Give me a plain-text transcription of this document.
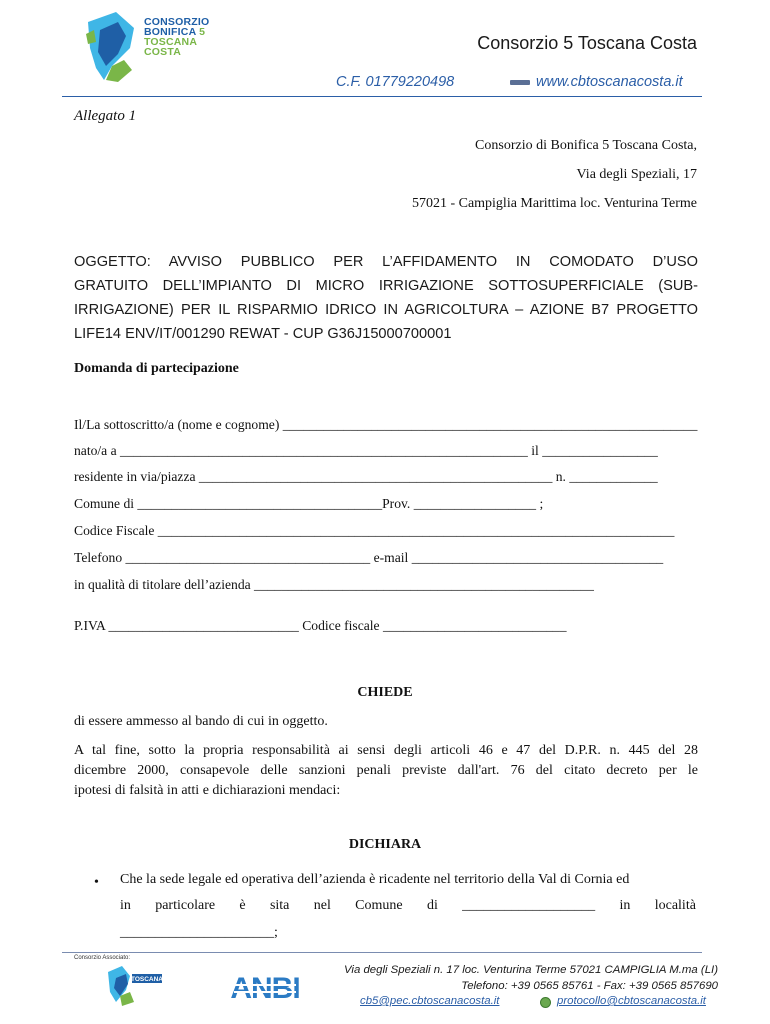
CONSORZIO
BONIFICA 5
TOSCANA
COSTA	Consorzio 5 Toscana Costa
C.F. 01779220498	www.cbtoscanacosta.it
Allegato 1
Consorzio di Bonifica 5 Toscana Costa,
Via degli Speziali, 17
57021 - Campiglia Marittima loc. Venturina Terme
OGGETTO: AVVISO PUBBLICO PER L’AFFIDAMENTO IN COMODATO D’USO
GRATUITO DELL’IMPIANTO DI MICRO IRRIGAZIONE SOTTOSUPERFICIALE (SUB-
IRRIGAZIONE) PER IL RISPARMIO IDRICO IN AGRICOLTURA – AZIONE B7 PROGETTO
LIFE14 ENV/IT/001290 REWAT - CUP G36J15000700001
Domanda di partecipazione
Il/La sottoscritto/a (nome e cognome) _____________________________________________________________
nato/a a ____________________________________________________________ il _________________
residente in via/piazza ____________________________________________________ n. _____________
Comune di ____________________________________Prov. __________________ ;
Codice Fiscale ____________________________________________________________________________
Telefono ____________________________________ e-mail _____________________________________
in qualità di titolare dell’azienda __________________________________________________
P.IVA ____________________________ Codice fiscale ___________________________
CHIEDE
di essere ammesso al bando di cui in oggetto.
A tal fine, sotto la propria responsabilità ai sensi degli articoli 46 e 47 del D.P.R. n. 445 del 28
dicembre 2000, consapevole delle sanzioni penali previste dall'art. 76 del citato decreto per le
ipotesi di falsità in atti e dichiarazioni mendaci:
DICHIARA
• Che la sede legale ed operativa dell’azienda è ricadente nel territorio della Val di Cornia ed
in particolare è sita nel Comune di ___________________ in località
______________________;
Consorzio Associato:
TOSCANA ANBI
Via degli Speziali n. 17 loc. Venturina Terme 57021 CAMPIGLIA M.ma (LI)
Telefono: +39 0565 85761 - Fax: +39 0565 857690
cb5@pec.cbtoscanacosta.it	protocollo@cbtoscanacosta.it
